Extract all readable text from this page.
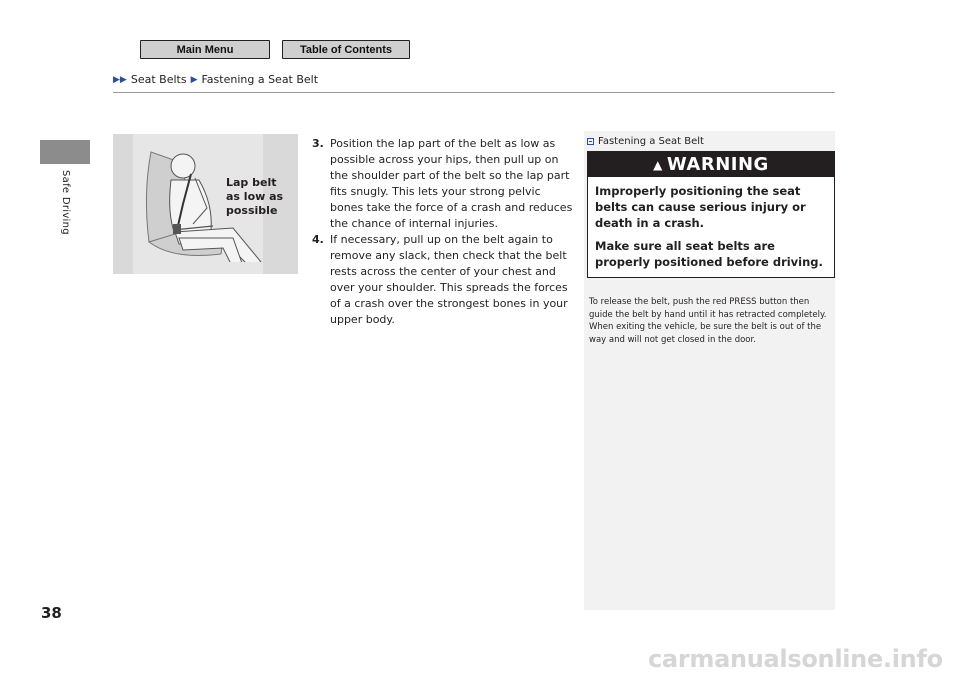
Main Menu	Table of Contents
▶▶ Seat Belts ▶ Fastening a Seat Belt
Safe Driving
38
Lap belt
as low as
possible
3. Position the lap part of the belt as low as possible across your hips, then pull up on the shoulder part of the belt so the lap part fits snugly. This lets your strong pelvic bones take the force of a crash and reduces the chance of internal injuries.
4. If necessary, pull up on the belt again to remove any slack, then check that the belt rests across the center of your chest and over your shoulder. This spreads the forces of a crash over the strongest bones in your upper body.
Fastening a Seat Belt
▲ WARNING

Improperly positioning the seat belts can cause serious injury or death in a crash.

Make sure all seat belts are properly positioned before driving.

To release the belt, push the red PRESS button then guide the belt by hand until it has retracted completely.

When exiting the vehicle, be sure the belt is out of the way and will not get closed in the door.

carmanualsonline.info
